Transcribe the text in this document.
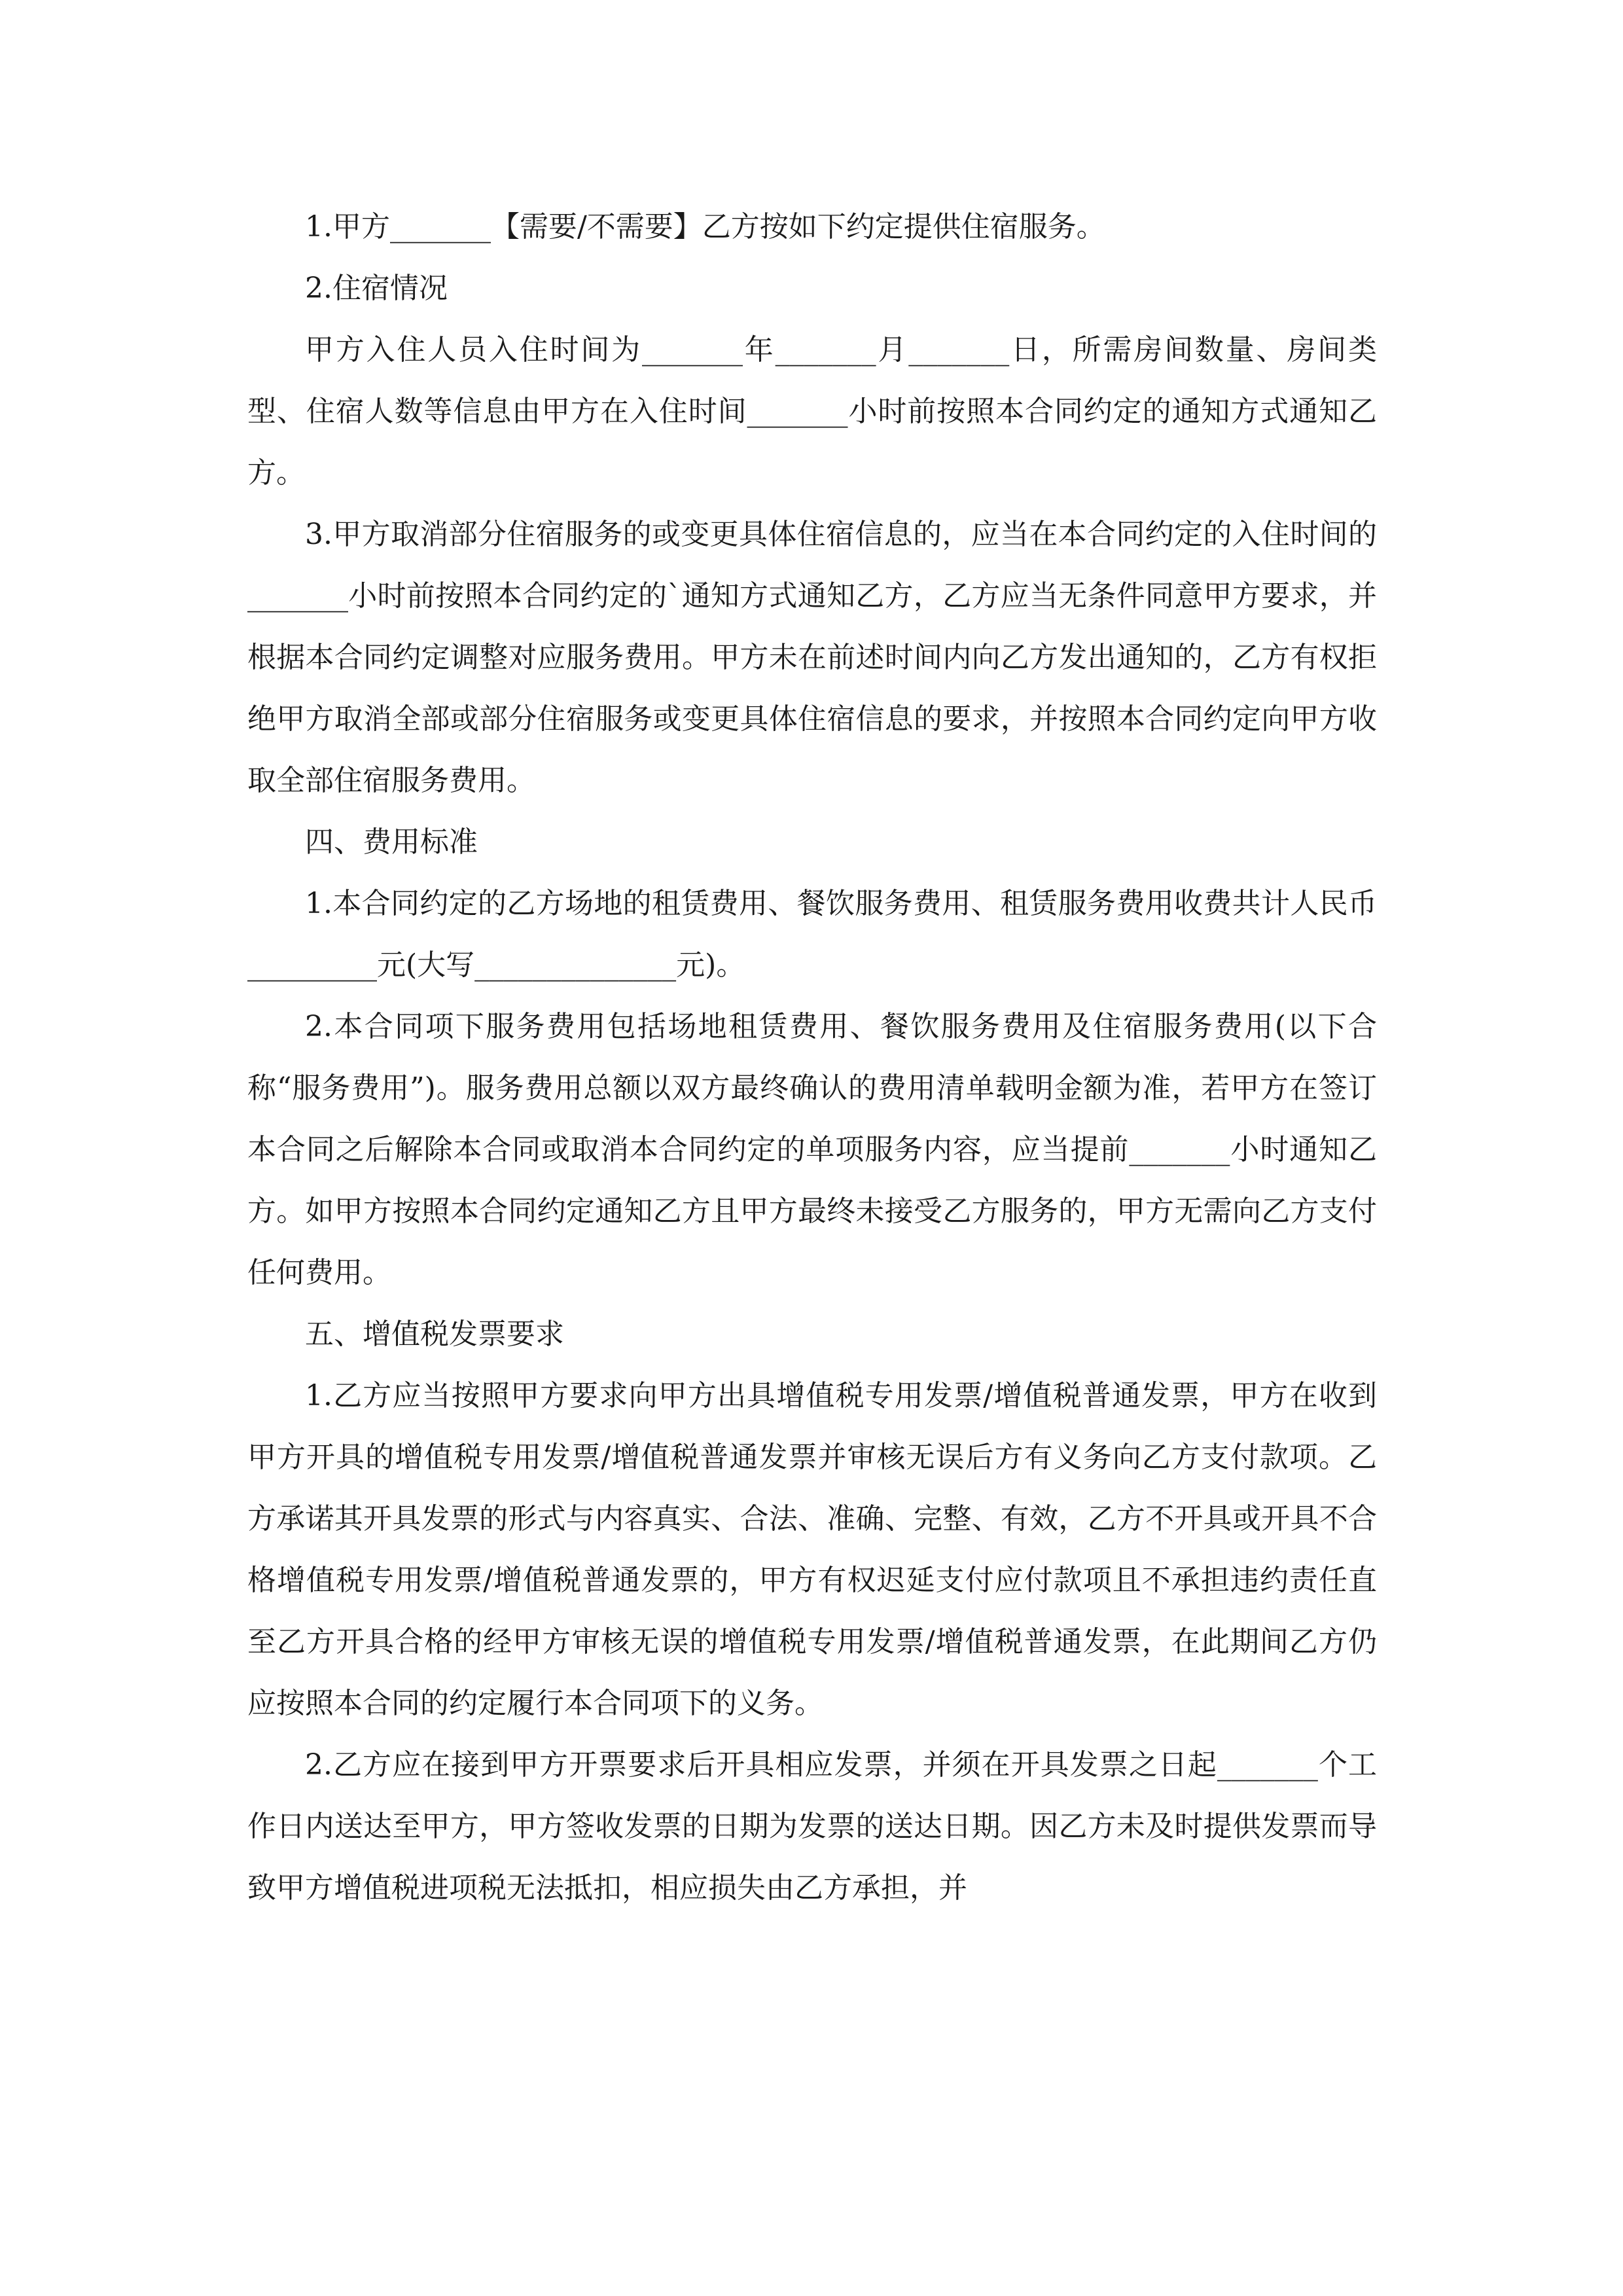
1.甲方_______【需要/不需要】乙方按如下约定提供住宿服务。

2.住宿情况

甲方入住人员入住时间为_______年_______月_______日，所需房间数量、房间类型、住宿人数等信息由甲方在入住时间_______小时前按照本合同约定的通知方式通知乙方。

3.甲方取消部分住宿服务的或变更具体住宿信息的，应当在本合同约定的入住时间的_______小时前按照本合同约定的`通知方式通知乙方，乙方应当无条件同意甲方要求，并根据本合同约定调整对应服务费用。甲方未在前述时间内向乙方发出通知的，乙方有权拒绝甲方取消全部或部分住宿服务或变更具体住宿信息的要求，并按照本合同约定向甲方收取全部住宿服务费用。

四、费用标准

1.本合同约定的乙方场地的租赁费用、餐饮服务费用、租赁服务费用收费共计人民币_________元(大写______________元)。

2.本合同项下服务费用包括场地租赁费用、餐饮服务费用及住宿服务费用(以下合称“服务费用”)。服务费用总额以双方最终确认的费用清单载明金额为准，若甲方在签订本合同之后解除本合同或取消本合同约定的单项服务内容，应当提前_______小时通知乙方。如甲方按照本合同约定通知乙方且甲方最终未接受乙方服务的，甲方无需向乙方支付任何费用。

五、增值税发票要求

1.乙方应当按照甲方要求向甲方出具增值税专用发票/增值税普通发票，甲方在收到甲方开具的增值税专用发票/增值税普通发票并审核无误后方有义务向乙方支付款项。乙方承诺其开具发票的形式与内容真实、合法、准确、完整、有效，乙方不开具或开具不合格增值税专用发票/增值税普通发票的，甲方有权迟延支付应付款项且不承担违约责任直至乙方开具合格的经甲方审核无误的增值税专用发票/增值税普通发票，在此期间乙方仍应按照本合同的约定履行本合同项下的义务。

2.乙方应在接到甲方开票要求后开具相应发票，并须在开具发票之日起_______个工作日内送达至甲方，甲方签收发票的日期为发票的送达日期。因乙方未及时提供发票而导致甲方增值税进项税无法抵扣，相应损失由乙方承担，并
